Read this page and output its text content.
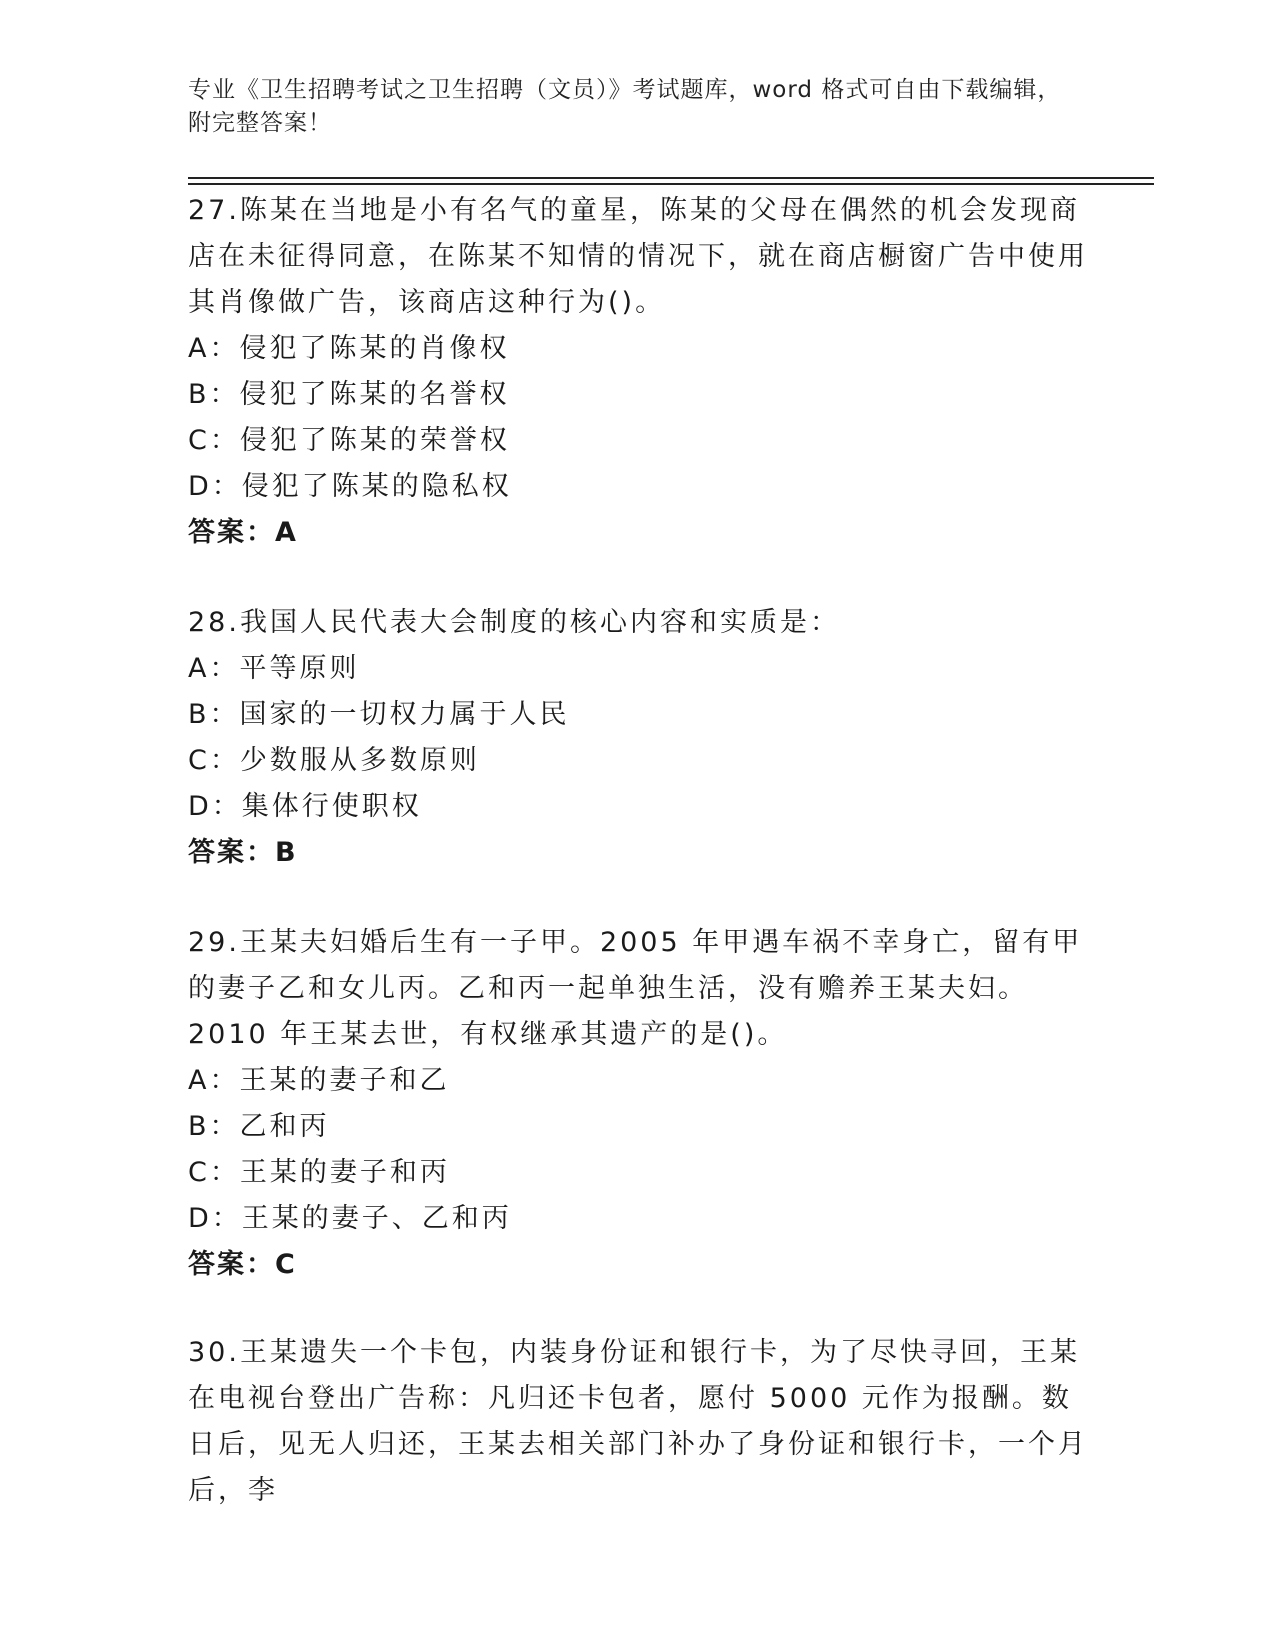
专业《卫生招聘考试之卫生招聘（文员）》考试题库，word 格式可自由下载编辑，附完整答案！

27.陈某在当地是小有名气的童星，陈某的父母在偶然的机会发现商店在未征得同意，在陈某不知情的情况下，就在商店橱窗广告中使用其肖像做广告，该商店这种行为()。

A：侵犯了陈某的肖像权

B：侵犯了陈某的名誉权

C：侵犯了陈某的荣誉权

D：侵犯了陈某的隐私权

答案：A

28.我国人民代表大会制度的核心内容和实质是：

A：平等原则

B：国家的一切权力属于人民

C：少数服从多数原则

D：集体行使职权

答案：B

29.王某夫妇婚后生有一子甲。2005 年甲遇车祸不幸身亡，留有甲的妻子乙和女儿丙。乙和丙一起单独生活，没有赡养王某夫妇。2010 年王某去世，有权继承其遗产的是()。

A：王某的妻子和乙

B：乙和丙

C：王某的妻子和丙

D：王某的妻子、乙和丙

答案：C

30.王某遗失一个卡包，内装身份证和银行卡，为了尽快寻回，王某在电视台登出广告称：凡归还卡包者，愿付 5000 元作为报酬。数日后，见无人归还，王某去相关部门补办了身份证和银行卡，一个月后，李
